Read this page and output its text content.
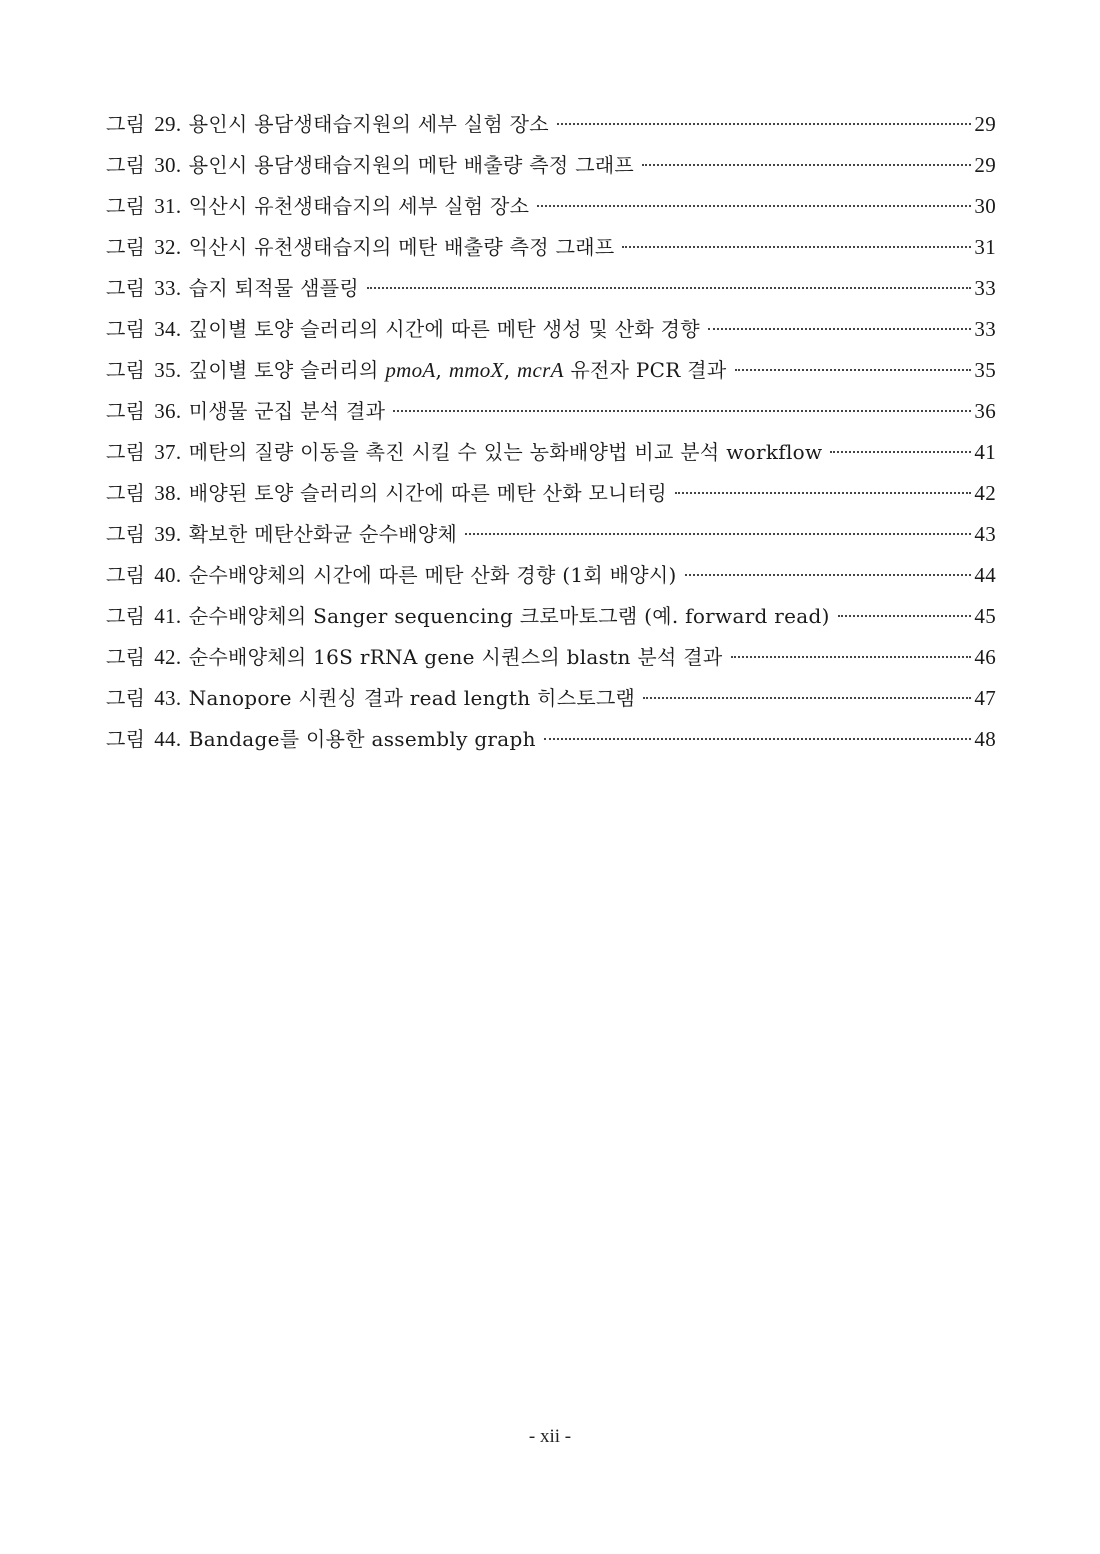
그림 29. 용인시 용담생태습지원의 세부 실험 장소	29
그림 30. 용인시 용담생태습지원의 메탄 배출량 측정 그래프	29
그림 31. 익산시 유천생태습지의 세부 실험 장소	30
그림 32. 익산시 유천생태습지의 메탄 배출량 측정 그래프	31
그림 33. 습지 퇴적물 샘플링	33
그림 34. 깊이별 토양 슬러리의 시간에 따른 메탄 생성 및 산화 경향	33
그림 35. 깊이별 토양 슬러리의 pmoA, mmoX, mcrA 유전자 PCR 결과	35
그림 36. 미생물 군집 분석 결과	36
그림 37. 메탄의 질량 이동을 촉진 시킬 수 있는 농화배양법 비교 분석 workflow	41
그림 38. 배양된 토양 슬러리의 시간에 따른 메탄 산화 모니터링	42
그림 39. 확보한 메탄산화균 순수배양체	43
그림 40. 순수배양체의 시간에 따른 메탄 산화 경향 (1회 배양시)	44
그림 41. 순수배양체의 Sanger sequencing 크로마토그램 (예. forward read)	45
그림 42. 순수배양체의 16S rRNA gene 시퀀스의 blastn 분석 결과	46
그림 43. Nanopore 시퀀싱 결과 read length 히스토그램	47
그림 44. Bandage를 이용한 assembly graph	48
- xii -
